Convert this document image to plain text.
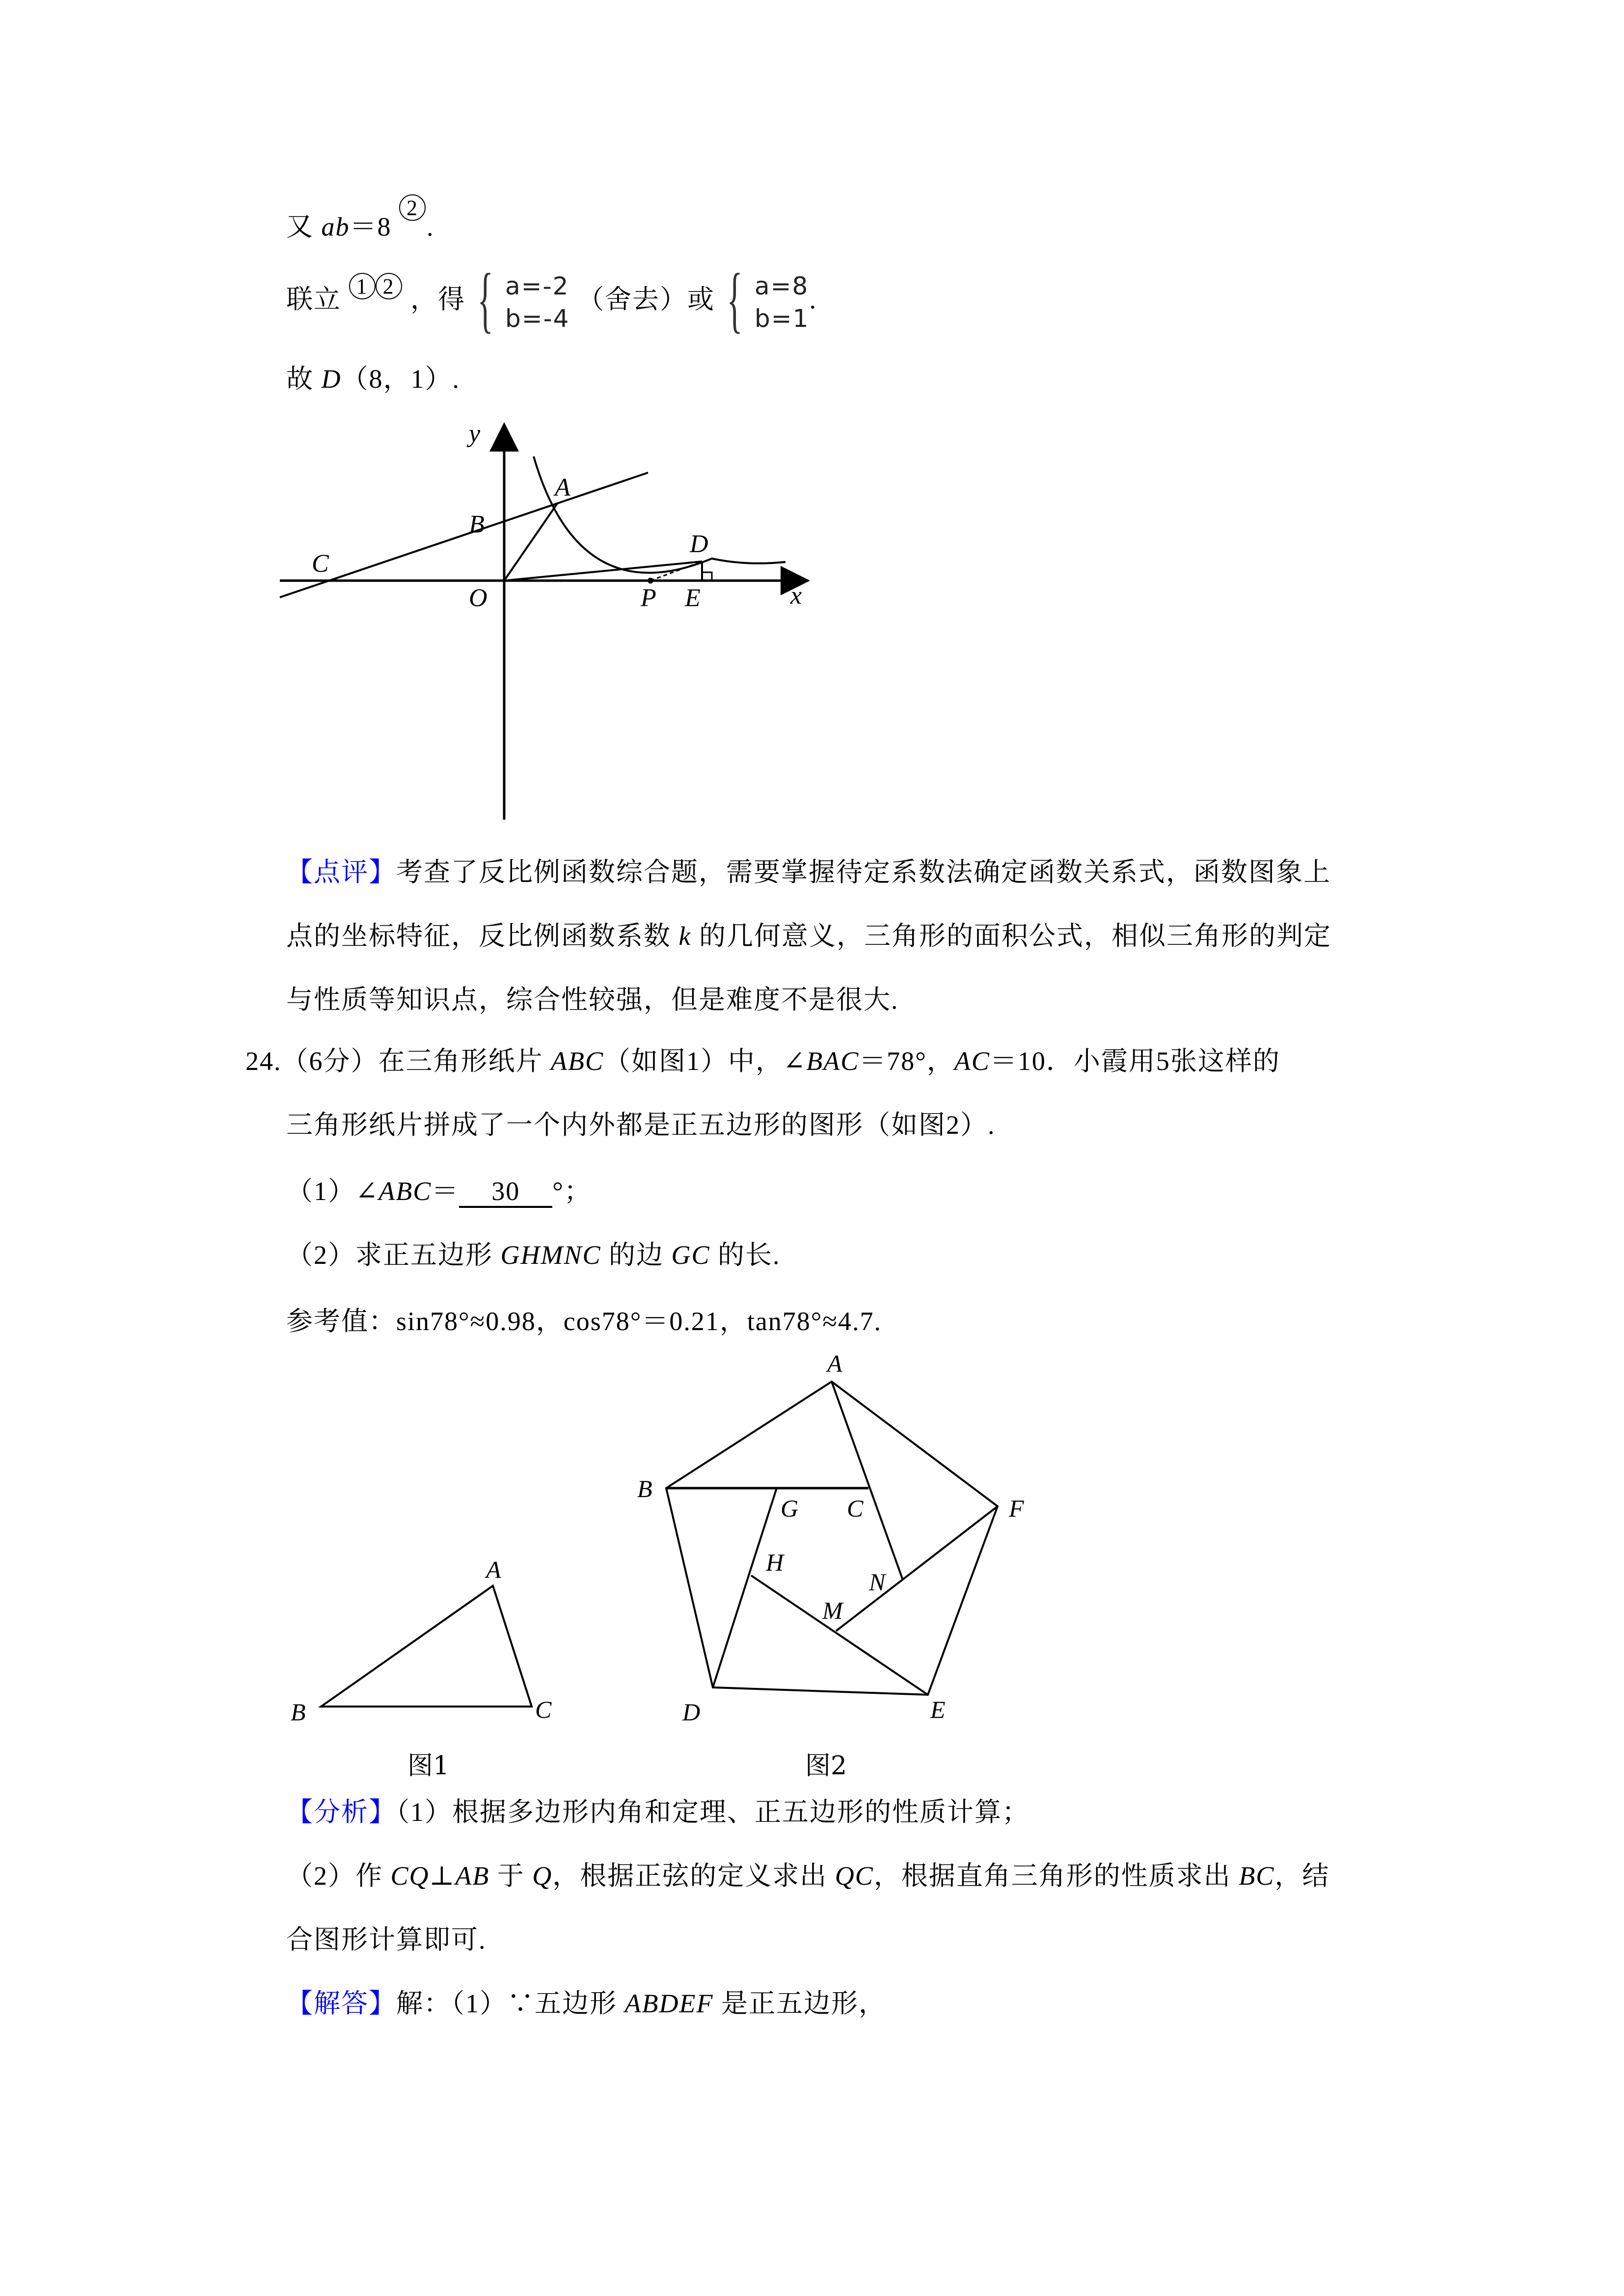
又 ab＝8 2.
联立 1 2 ，得 { a=-2
b=-4 （舍去）或 { a=8
b=1.
故 D（8，1）.
y
x
O
A
B
C
D
E
P
A
B	C
A
B
C
G	F
H
N
M
D	E
【点评】考查了反比例函数综合题，需要掌握待定系数法确定函数关系式，函数图象上
点的坐标特征，反比例函数系数 k 的几何意义，三角形的面积公式，相似三角形的判定
与性质等知识点，综合性较强，但是难度不是很大.
24.（6分）在三角形纸片 ABC（如图1）中，∠BAC＝78°，AC＝10．小霞用5张这样的
三角形纸片拼成了一个内外都是正五边形的图形（如图2）.
（1）∠ABC＝ 30 °；
（2）求正五边形 GHMNC 的边 GC 的长.
参考值：sin78°≈0.98，cos78°＝0.21，tan78°≈4.7.
图1	图2
【分析】（1）根据多边形内角和定理、正五边形的性质计算；
（2）作 CQ⊥AB 于 Q，根据正弦的定义求出 QC，根据直角三角形的性质求出 BC，结
合图形计算即可.
【解答】解：（1）∵五边形 ABDEF 是正五边形，
